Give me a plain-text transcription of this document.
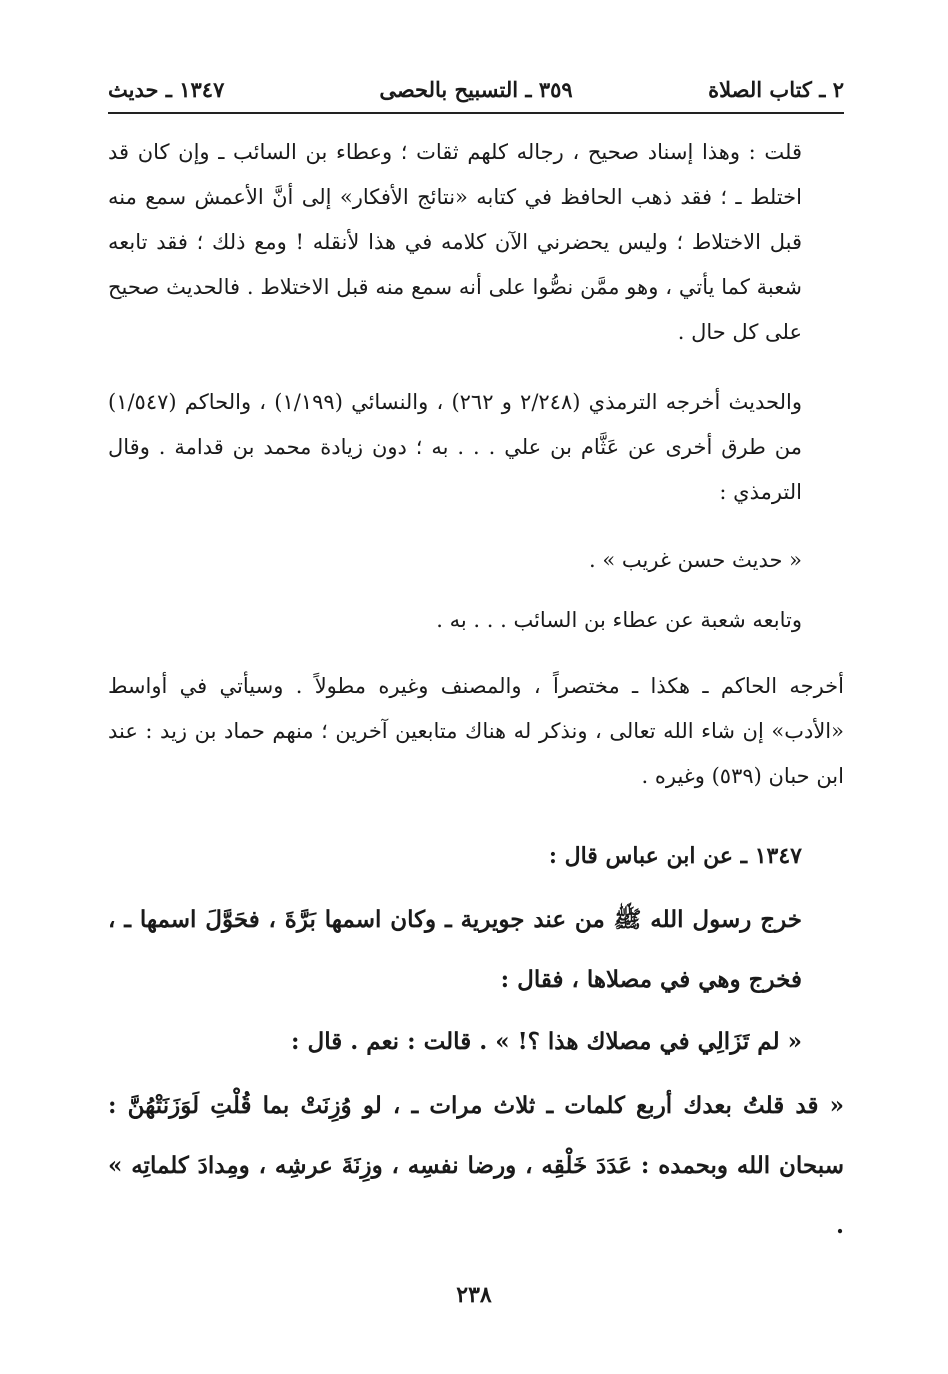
٢ ـ كتاب الصلاة
٣٥٩ ـ التسبيح بالحصى
١٣٤٧ ـ حديث

قلت : وهذا إسناد صحيح ، رجاله كلهم ثقات ؛ وعطاء بن السائب ـ وإن كان قد اختلط ـ ؛ فقد ذهب الحافظ في كتابه «نتائج الأفكار» إلى أنَّ الأعمش سمع منه قبل الاختلاط ؛ وليس يحضرني الآن كلامه في هذا لأنقله ! ومع ذلك ؛ فقد تابعه شعبة كما يأتي ، وهو ممَّن نصُّوا على أنه سمع منه قبل الاختلاط . فالحديث صحيح على كل حال .

والحديث أخرجه الترمذي (٢/٢٤٨ و ٢٦٢) ، والنسائي (١/١٩٩) ، والحاكم (١/٥٤٧) من طرق أخرى عن عَثَّام بن علي . . . به ؛ دون زيادة محمد بن قدامة . وقال الترمذي :

« حديث حسن غريب » .

وتابعه شعبة عن عطاء بن السائب . . . به .

أخرجه الحاكم ـ هكذا ـ مختصراً ، والمصنف وغيره مطولاً . وسيأتي في أواسط «الأدب» إن شاء الله تعالى ، ونذكر له هناك متابعين آخرين ؛ منهم حماد بن زيد : عند ابن حبان (٥٣٩) وغيره .

١٣٤٧ ـ عن ابن عباس قال :

خرج رسول الله ﷺ من عند جويرية ـ وكان اسمها بَرَّةَ ، فحَوَّلَ اسمها ـ ، فخرج وهي في مصلاها ، فقال :

« لم تَزَالِي في مصلاك هذا ؟! » . قالت : نعم . قال :

« قد قلتُ بعدك أربع كلمات ـ ثلاث مرات ـ ، لو وُزِنَتْ بما قُلْتِ لَوَزَنَتْهُنَّ : سبحان الله وبحمده : عَدَدَ خَلْقِه ، ورضا نفسِه ، وزِنَةَ عرشِه ، ومِدادَ كلماتِه » .

٢٣٨
